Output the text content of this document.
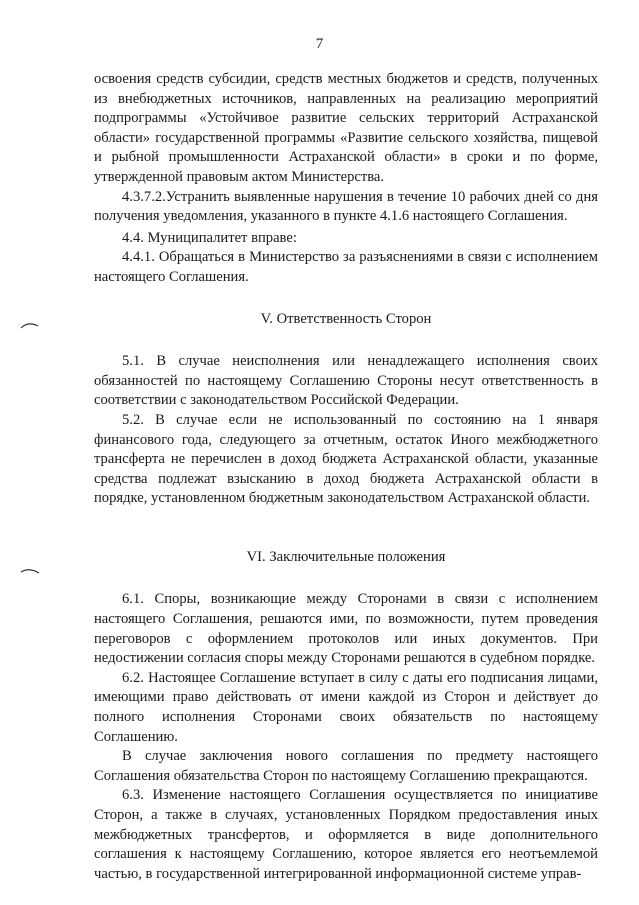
7

освоения средств субсидии, средств местных бюджетов и средств, полученных из внебюджетных источников, направленных на реализацию мероприятий подпрограммы «Устойчивое развитие сельских территорий Астраханской области» государственной программы «Развитие сельского хозяйства, пищевой и рыбной промышленности Астраханской области» в сроки и по форме, утвержденной правовым актом Министерства.

4.3.7.2.Устранить выявленные нарушения в течение 10 рабочих дней со дня получения уведомления, указанного в пункте 4.1.6 настоящего Соглашения.

4.4. Муниципалитет вправе:

4.4.1. Обращаться в Министерство за разъяснениями в связи с исполнением настоящего Соглашения.

V. Ответственность Сторон

5.1. В случае неисполнения или ненадлежащего исполнения своих обязанностей по настоящему Соглашению Стороны несут ответственность в соответствии с законодательством Российской Федерации.

5.2. В случае если не использованный по состоянию на 1 января финансового года, следующего за отчетным, остаток Иного межбюджетного трансферта не перечислен в доход бюджета Астраханской области, указанные средства подлежат взысканию в доход бюджета Астраханской области в порядке, установленном бюджетным законодательством Астраханской области.

VI. Заключительные положения

6.1. Споры, возникающие между Сторонами в связи с исполнением настоящего Соглашения, решаются ими, по возможности, путем проведения переговоров с оформлением протоколов или иных документов. При недостижении согласия споры между Сторонами решаются в судебном порядке.

6.2. Настоящее Соглашение вступает в силу с даты его подписания лицами, имеющими право действовать от имени каждой из Сторон и действует до полного исполнения Сторонами своих обязательств по настоящему Соглашению.

В случае заключения нового соглашения по предмету настоящего Соглашения обязательства Сторон по настоящему Соглашению прекращаются.

6.3. Изменение настоящего Соглашения осуществляется по инициативе Сторон, а также в случаях, установленных Порядком предоставления иных межбюджетных трансфертов, и оформляется в виде дополнительного соглашения к настоящему Соглашению, которое является его неотъемлемой частью, в государственной интегрированной информационной системе управ-
